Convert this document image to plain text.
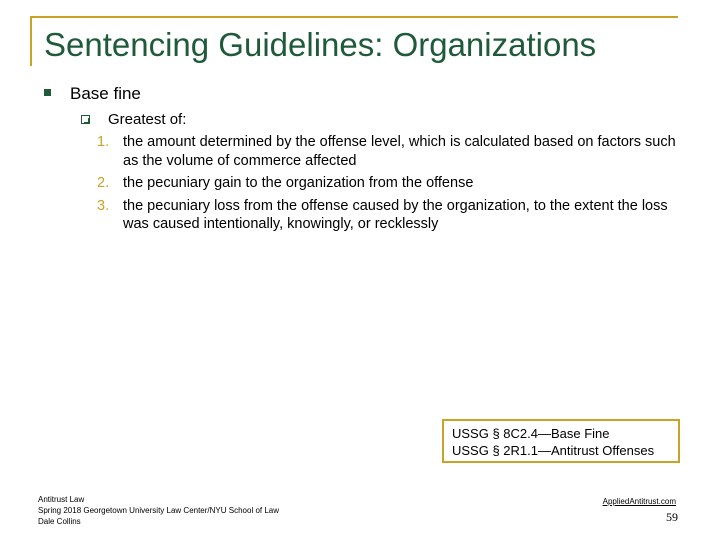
Sentencing Guidelines: Organizations
Base fine
Greatest of:
1. the amount determined by the offense level, which is calculated based on factors such as the volume of commerce affected
2. the pecuniary gain to the organization from the offense
3. the pecuniary loss from the offense caused by the organization, to the extent the loss was caused intentionally, knowingly, or recklessly
USSG § 8C2.4—Base Fine
USSG § 2R1.1—Antitrust Offenses
Antitrust Law
Spring 2018 Georgetown University Law Center/NYU School of Law
Dale Collins
AppliedAntitrust.com
59
